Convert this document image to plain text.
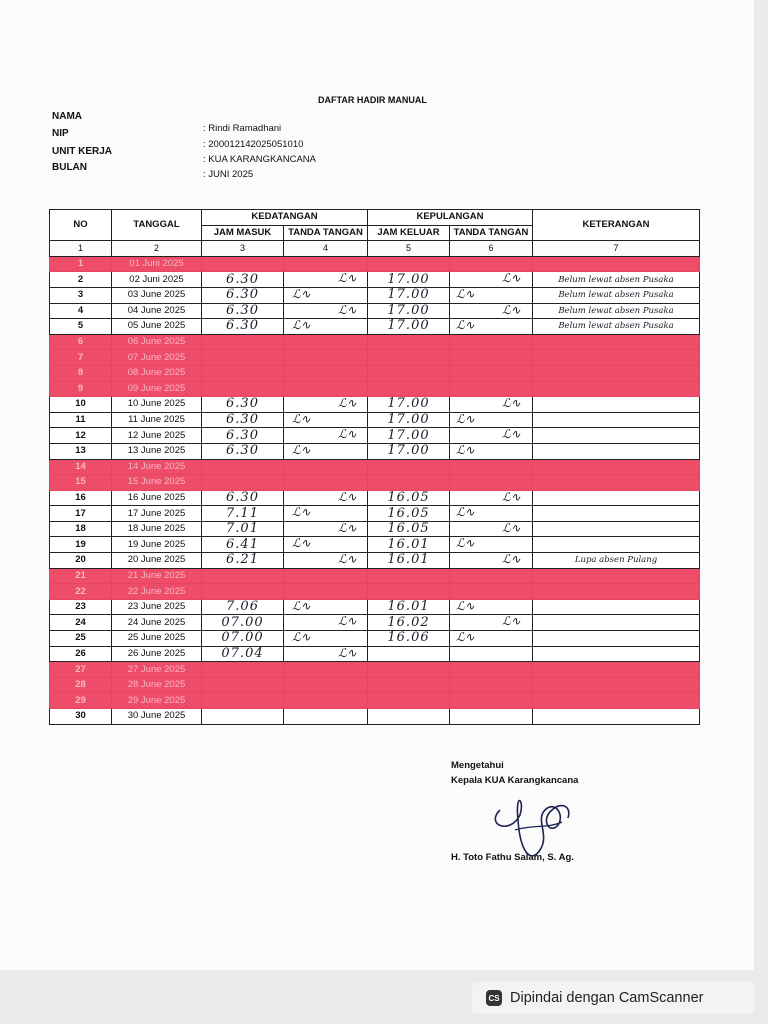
DAFTAR HADIR MANUAL
NAMA
NIP
UNIT KERJA
BULAN
: Rindi Ramadhani
: 200012142025051010
: KUA KARANGKANCANA
: JUNI 2025
NO	TANGGAL	KEDATANGAN		KEPULANGAN		KETERANGAN
		JAM MASUK	TANDA TANGAN	JAM KELUAR	TANDA TANGAN	
1	2	3	4	5	6	7
1	01 Juni 2025					
2	02 Juni 2025	6.30	ℒ∿	17.00	ℒ∿	Belum lewat absen Pusaka
3	03 June 2025	6.30	ℒ∿	17.00	ℒ∿	Belum lewat absen Pusaka
4	04 June 2025	6.30	ℒ∿	17.00	ℒ∿	Belum lewat absen Pusaka
5	05 June 2025	6.30	ℒ∿	17.00	ℒ∿	Belum lewat absen Pusaka
6	06 June 2025					
7	07 June 2025					
8	08 June 2025					
9	09 June 2025					
10	10 June 2025	6.30	ℒ∿	17.00	ℒ∿	

11	11 June 2025	6.30	ℒ∿	17.00	ℒ∿	

12	12 June 2025	6.30	ℒ∿	17.00	ℒ∿	

13	13 June 2025	6.30	ℒ∿	17.00	ℒ∿	

14	14 June 2025					
15	15 June 2025					
16	16 June 2025	6.30	ℒ∿	16.05	ℒ∿	

17	17 June 2025	7.11	ℒ∿	16.05	ℒ∿	

18	18 June 2025	7.01	ℒ∿	16.05	ℒ∿	

19	19 June 2025	6.41	ℒ∿	16.01	ℒ∿	

20	20 June 2025	6.21	ℒ∿	16.01	ℒ∿	Lupa absen Pulang
21	21 June 2025					
22	22 June 2025					
23	23 June 2025	7.06	ℒ∿	16.01	ℒ∿	

24	24 June 2025	07.00	ℒ∿	16.02	ℒ∿	

25	25 June 2025	07.00	ℒ∿	16.06	ℒ∿	

26	26 June 2025	07.04	ℒ∿			

27	27 June 2025					
28	28 June 2025					
29	29 June 2025					
30	30 June 2025					
Mengetahui
Kepala KUA Karangkancana
H. Toto Fathu Salam, S. Ag.
CS Dipindai dengan CamScanner
